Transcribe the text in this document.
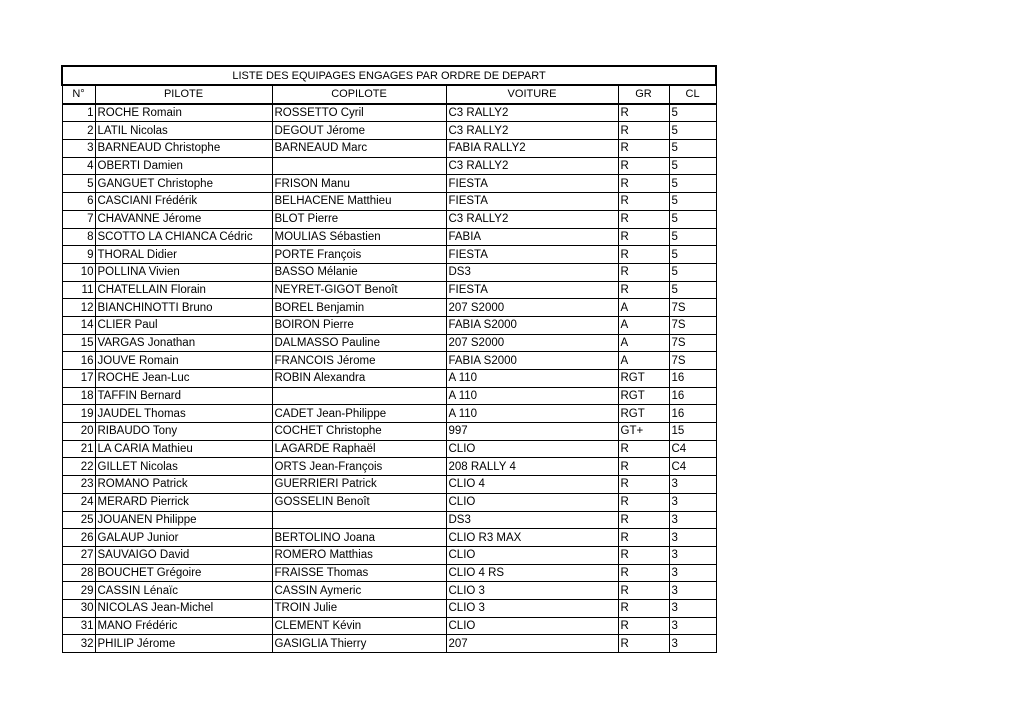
LISTE DES EQUIPAGES ENGAGES PAR ORDRE DE DEPART					
N°	PILOTE	COPILOTE	VOITURE	GR	CL
1	ROCHE Romain	ROSSETTO Cyril	C3 RALLY2	R	5
2	LATIL Nicolas	DEGOUT Jérome	C3 RALLY2	R	5
3	BARNEAUD Christophe	BARNEAUD Marc	FABIA RALLY2	R	5
4	OBERTI Damien		C3 RALLY2	R	5
5	GANGUET Christophe	FRISON Manu	FIESTA	R	5
6	CASCIANI Frédérik	BELHACENE Matthieu	FIESTA	R	5
7	CHAVANNE Jérome	BLOT Pierre	C3 RALLY2	R	5
8	SCOTTO LA CHIANCA Cédric	MOULIAS Sébastien	FABIA	R	5
9	THORAL Didier	PORTE François	FIESTA	R	5
10	POLLINA Vivien	BASSO Mélanie	DS3	R	5
11	CHATELLAIN Florain	NEYRET-GIGOT Benoît	FIESTA	R	5
12	BIANCHINOTTI Bruno	BOREL Benjamin	207 S2000	A	7S
14	CLIER Paul	BOIRON Pierre	FABIA S2000	A	7S
15	VARGAS Jonathan	DALMASSO Pauline	207 S2000	A	7S
16	JOUVE Romain	FRANCOIS Jérome	FABIA S2000	A	7S
17	ROCHE Jean-Luc	ROBIN Alexandra	A 110	RGT	16
18	TAFFIN Bernard		A 110	RGT	16
19	JAUDEL Thomas	CADET Jean-Philippe	A 110	RGT	16
20	RIBAUDO Tony	COCHET Christophe	997	GT+	15
21	LA CARIA Mathieu	LAGARDE Raphaël	CLIO	R	C4
22	GILLET Nicolas	ORTS Jean-François	208 RALLY 4	R	C4
23	ROMANO Patrick	GUERRIERI Patrick	CLIO 4	R	3
24	MERARD Pierrick	GOSSELIN Benoît	CLIO	R	3
25	JOUANEN Philippe		DS3	R	3
26	GALAUP Junior	BERTOLINO Joana	CLIO R3 MAX	R	3
27	SAUVAIGO David	ROMERO Matthias	CLIO	R	3
28	BOUCHET Grégoire	FRAISSE Thomas	CLIO 4 RS	R	3
29	CASSIN Lénaïc	CASSIN Aymeric	CLIO 3	R	3
30	NICOLAS Jean-Michel	TROIN Julie	CLIO 3	R	3
31	MANO Frédéric	CLEMENT Kévin	CLIO	R	3
32	PHILIP Jérome	GASIGLIA Thierry	207	R	3
